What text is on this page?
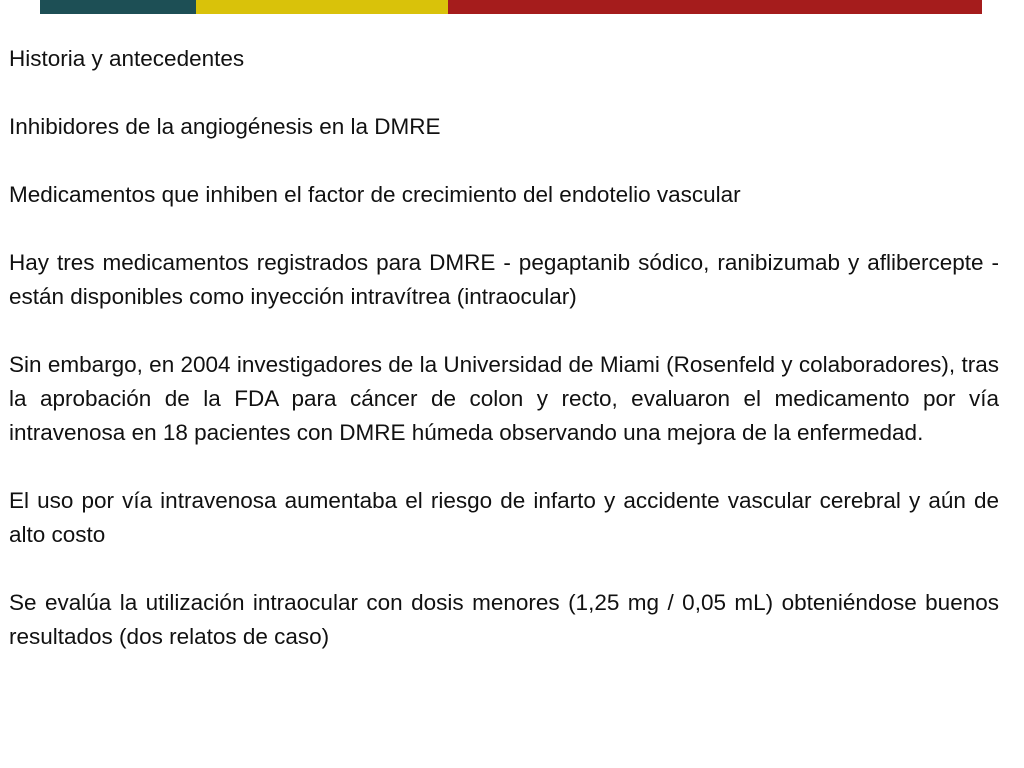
Historia y antecedentes

Inhibidores de la angiogénesis en la DMRE

Medicamentos que inhiben el factor de crecimiento del endotelio vascular

Hay tres medicamentos registrados para DMRE - pegaptanib sódico, ranibizumab y aflibercepte - están disponibles como inyección intravítrea (intraocular)

Sin embargo, en 2004 investigadores de la Universidad de Miami (Rosenfeld y colaboradores), tras la aprobación de la FDA para cáncer de colon y recto, evaluaron el medicamento por vía intravenosa en 18 pacientes con DMRE húmeda observando una mejora de la enfermedad.

El uso por vía intravenosa aumentaba el riesgo de infarto y accidente vascular cerebral y aún de alto costo

Se evalúa la utilización intraocular con dosis menores (1,25 mg / 0,05 mL) obteniéndose buenos resultados (dos relatos de caso)
